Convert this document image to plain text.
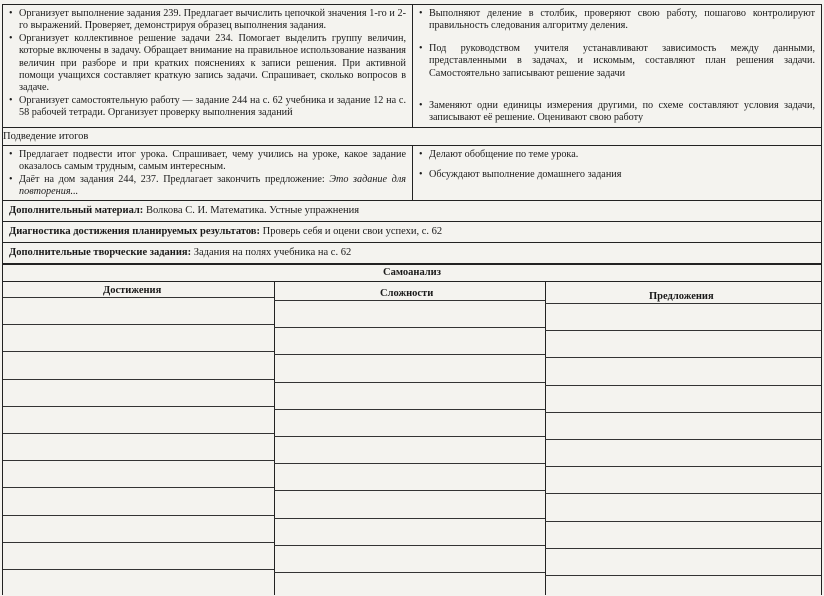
• Организует выполнение задания 239. Предлагает вычислить цепочкой значения 1-го и 2-го выражений. Проверяет, демонстрируя образец выполнения задания.
• Организует коллективное решение задачи 234. Помогает выделить группу величин, которые включены в задачу. Обращает внимание на правильное использование названия величин при разборе и при кратких пояснениях к записи решения. При активной помощи учащихся составляет краткую запись задачи. Спрашивает, сколько вопросов в задаче.
• Организует самостоятельную работу — задание 244 на с. 62 учебника и задание 12 на с. 58 рабочей тетради. Организует проверку выполнения заданий
• Выполняют деление в столбик, проверяют свою работу, пошагово контролируют правильность следования алгоритму деления.
• Под руководством учителя устанавливают зависимость между данными, представленными в задачах, и искомым, составляют план решения задачи. Самостоятельно записывают решение задачи
• Заменяют одни единицы измерения другими, по схеме составляют условия задачи, записывают её решение. Оценивают свою работу
Подведение итогов
• Предлагает подвести итог урока. Спрашивает, чему учились на уроке, какое задание оказалось самым трудным, самым интересным.
• Даёт на дом задания 244, 237. Предлагает закончить предложение: Это задание для повторения...
• Делают обобщение по теме урока.
• Обсуждают выполнение домашнего задания
Дополнительный материал: Волкова С. И. Математика. Устные упражнения
Диагностика достижения планируемых результатов: Проверь себя и оцени свои успехи, с. 62
Дополнительные творческие задания: Задания на полях учебника на с. 62
Самоанализ
Достижения	Сложности	Предложения
